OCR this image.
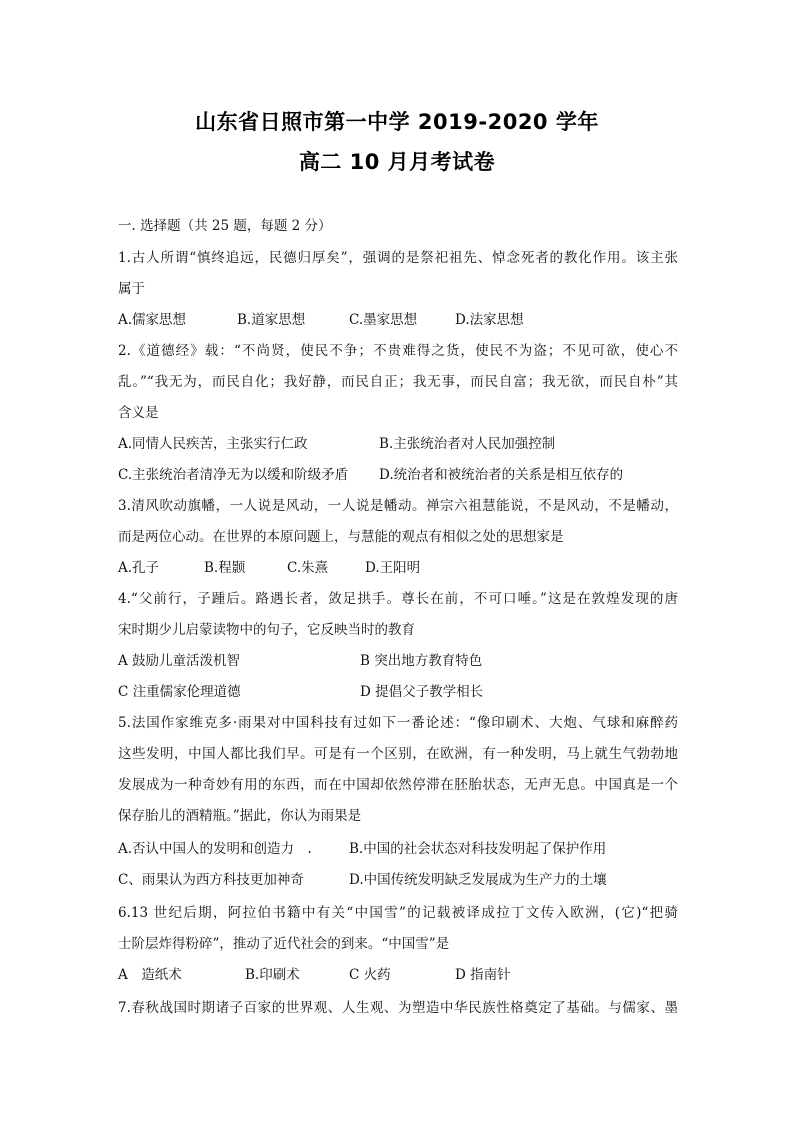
山东省日照市第一中学 2019-2020 学年
高二 10 月月考试卷
一. 选择题（共 25 题，每题 2 分）
1.古人所谓“慎终追远，民德归厚矣”，强调的是祭祀祖先、悼念死者的教化作用。该主张
属于
A.儒家思想	B.道家思想	C.墨家思想	D.法家思想
2.《道德经》载：“不尚贤，使民不争；不贵难得之货，使民不为盗；不见可欲，使心不
乱。”“我无为，而民自化；我好静，而民自正；我无事，而民自富；我无欲，而民自朴”其
含义是
A.同情人民疾苦，主张实行仁政	B.主张统治者对人民加强控制
C.主张统治者清净无为以缓和阶级矛盾 D.统治者和被统治者的关系是相互依存的
3.清风吹动旗幡，一人说是风动，一人说是幡动。禅宗六祖慧能说，不是风动，不是幡动，
而是两位心动。在世界的本原问题上，与慧能的观点有相似之处的思想家是
A.孔子	B.程颢	C.朱熹	D.王阳明
4.“父前行，子踵后。路遇长者，敛足拱手。尊长在前，不可口唾。”这是在敦煌发现的唐
宋时期少儿启蒙读物中的句子，它反映当时的教育
A 鼓励儿童活泼机智	B 突出地方教育特色
C 注重儒家伦理道德	D 提倡父子教学相长
5.法国作家维克多·雨果对中国科技有过如下一番论述：“像印刷术、大炮、气球和麻醉药
这些发明，中国人都比我们早。可是有一个区别，在欧洲，有一种发明，马上就生气勃勃地
发展成为一种奇妙有用的东西，而在中国却依然停滞在胚胎状态，无声无息。中国真是一个
保存胎儿的酒精瓶。”据此，你认为雨果是
A.否认中国人的发明和创造力　.	B.中国的社会状态对科技发明起了保护作用
C、雨果认为西方科技更加神奇	D.中国传统发明缺乏发展成为生产力的土壤
6.13 世纪后期，阿拉伯书籍中有关“中国雪”的记载被译成拉丁文传入欧洲，(它)“把骑
士阶层炸得粉碎”，推动了近代社会的到来。“中国雪”是
A　造纸术	B.印刷术	C 火药	D 指南针
7.春秋战国时期诸子百家的世界观、人生观、为塑造中华民族性格奠定了基础。与儒家、墨
